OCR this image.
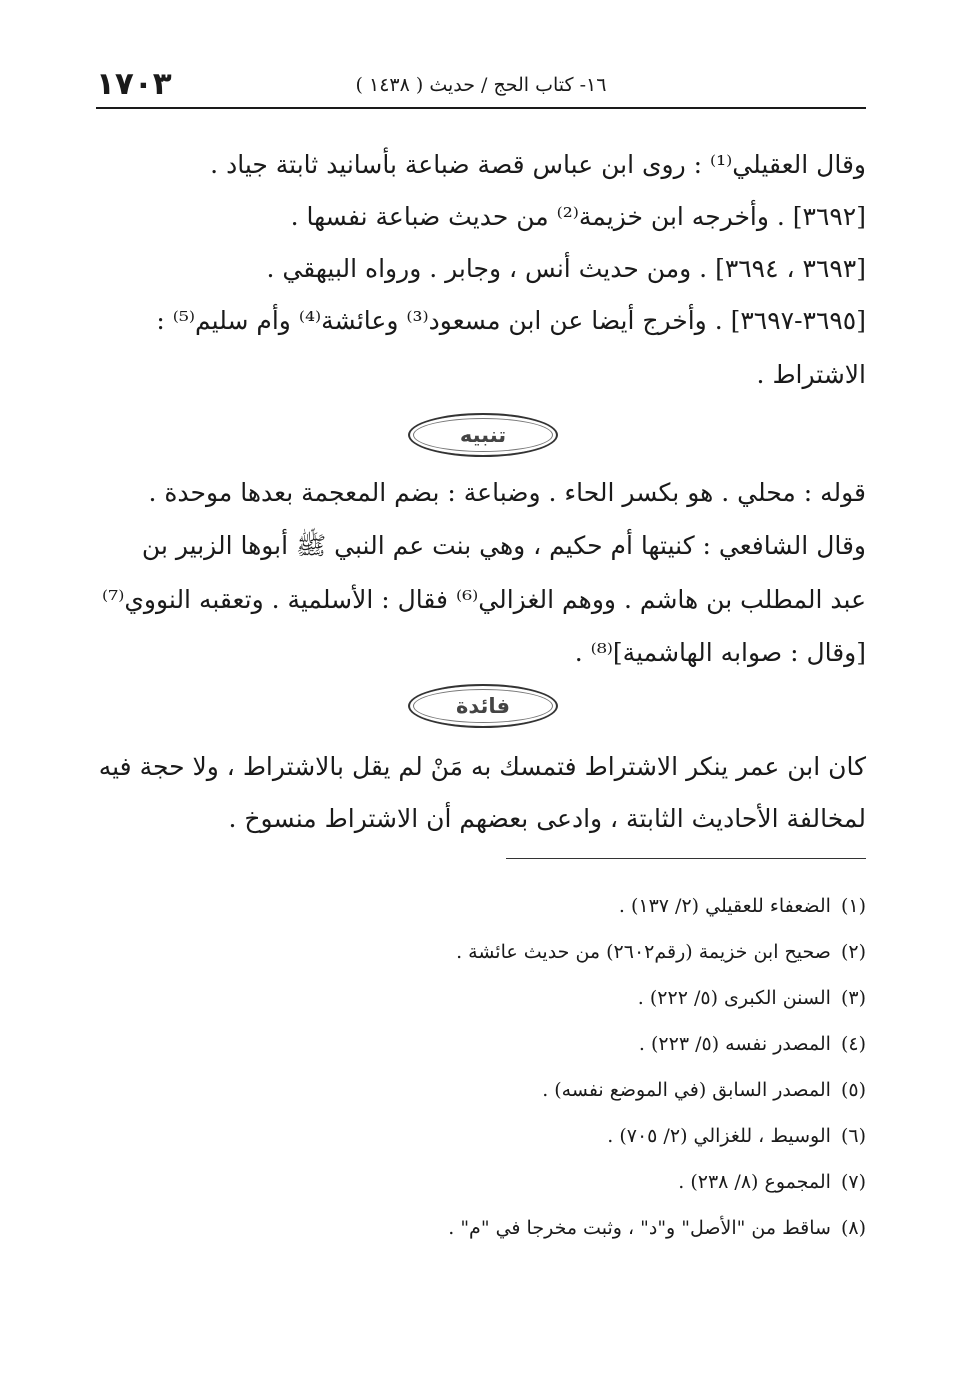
١٧٠٣	١٦- كتاب الحج / حديث ( ١٤٣٨ )
وقال العقيلي⁽¹⁾ : روى ابن عباس قصة ضباعة بأسانيد ثابتة جياد .
[٣٦٩٢] . وأخرجه ابن خزيمة⁽²⁾ من حديث ضباعة نفسها .
[٣٦٩٣ ، ٣٦٩٤] . ومن حديث أنس ، وجابر . ورواه البيهقي .
[٣٦٩٥-٣٦٩٧] . وأخرج أيضا عن ابن مسعود⁽³⁾ وعائشة⁽⁴⁾ وأم سليم⁽⁵⁾ :
الاشتراط .
تنبيه
قوله : محلي . هو بكسر الحاء . وضباعة : بضم المعجمة بعدها موحدة .
وقال الشافعي : كنيتها أم حكيم ، وهي بنت عم النبي ﷺ أبوها الزبير بن
عبد المطلب بن هاشم . ووهم الغزالي⁽⁶⁾ فقال : الأسلمية . وتعقبه النووي⁽⁷⁾
[وقال : صوابه الهاشمية]⁽⁸⁾ .
فائدة
كان ابن عمر ينكر الاشتراط فتمسك به مَنْ لم يقل بالاشتراط ، ولا حجة فيه
لمخالفة الأحاديث الثابتة ، وادعى بعضهم أن الاشتراط منسوخ .
(١)الضعفاء للعقيلي (٢/ ١٣٧) .
(٢)صحيح ابن خزيمة (رقم٢٦٠٢) من حديث عائشة .
(٣)السنن الكبرى (٥/ ٢٢٢) .
(٤)المصدر نفسه (٥/ ٢٢٣) .
(٥)المصدر السابق (في الموضع نفسه) .
(٦)الوسيط ، للغزالي (٢/ ٧٠٥) .
(٧)المجموع (٨/ ٢٣٨) .
(٨)ساقط من "الأصل" و"د" ، وثبت مخرجا في "م" .
